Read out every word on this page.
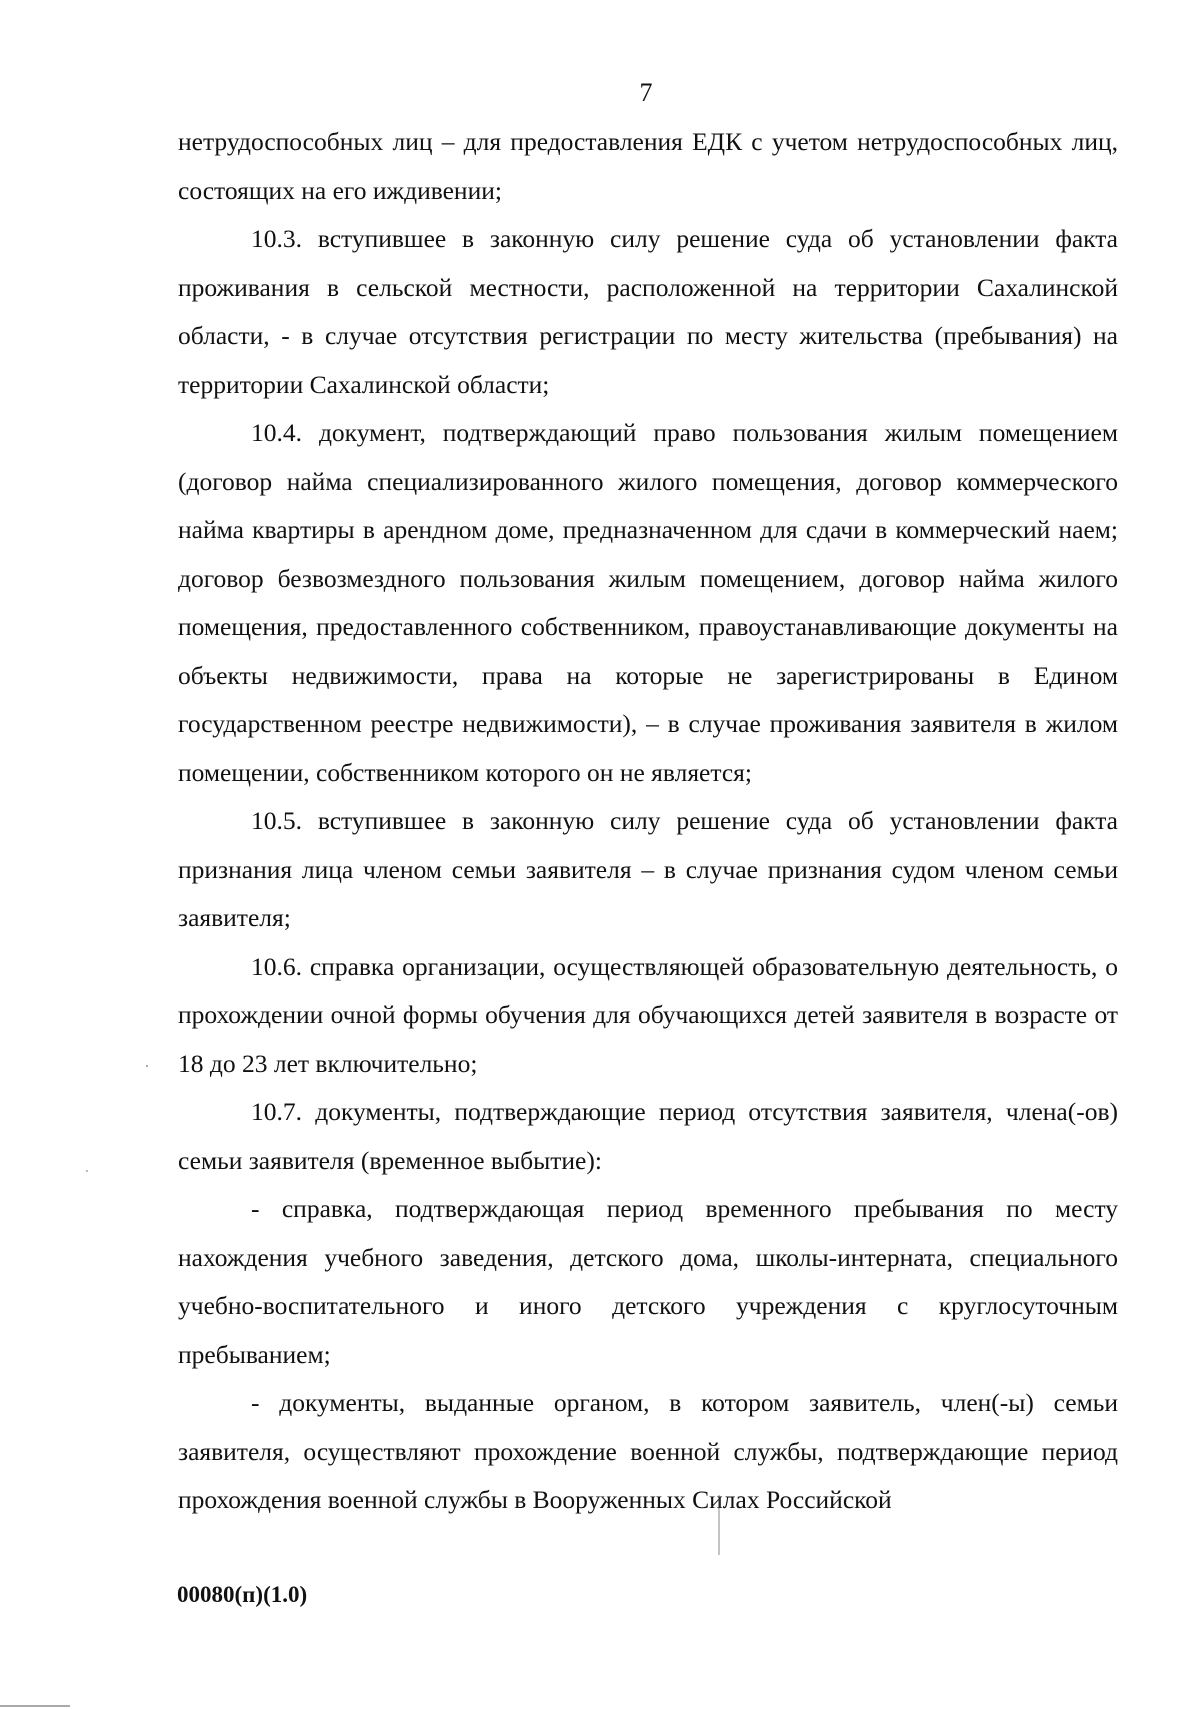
7

нетрудоспособных лиц – для предоставления ЕДК с учетом нетрудоспособных лиц, состоящих на его иждивении;

10.3. вступившее в законную силу решение суда об установлении факта проживания в сельской местности, расположенной на территории Сахалинской области, - в случае отсутствия регистрации по месту жительства (пребывания) на территории Сахалинской области;

10.4. документ, подтверждающий право пользования жилым помещением (договор найма специализированного жилого помещения, договор коммерческого найма квартиры в арендном доме, предназначенном для сдачи в коммерческий наем; договор безвозмездного пользования жилым помещением, договор найма жилого помещения, предоставленного собственником, правоустанавливающие документы на объекты недвижимости, права на которые не зарегистрированы в Едином государственном реестре недвижимости), – в случае проживания заявителя в жилом помещении, собственником которого он не является;

10.5. вступившее в законную силу решение суда об установлении факта признания лица членом семьи заявителя – в случае признания судом членом семьи заявителя;

10.6. справка организации, осуществляющей образовательную деятельность, о прохождении очной формы обучения для обучающихся детей заявителя в возрасте от 18 до 23 лет включительно;

10.7. документы, подтверждающие период отсутствия заявителя, члена(-ов) семьи заявителя (временное выбытие):

- справка, подтверждающая период временного пребывания по месту нахождения учебного заведения, детского дома, школы-интерната, специального учебно-воспитательного и иного детского учреждения с круглосуточным пребыванием;

- документы, выданные органом, в котором заявитель, член(-ы) семьи заявителя, осуществляют прохождение военной службы, подтверждающие период прохождения военной службы в Вооруженных Силах Российской

00080(п)(1.0)
